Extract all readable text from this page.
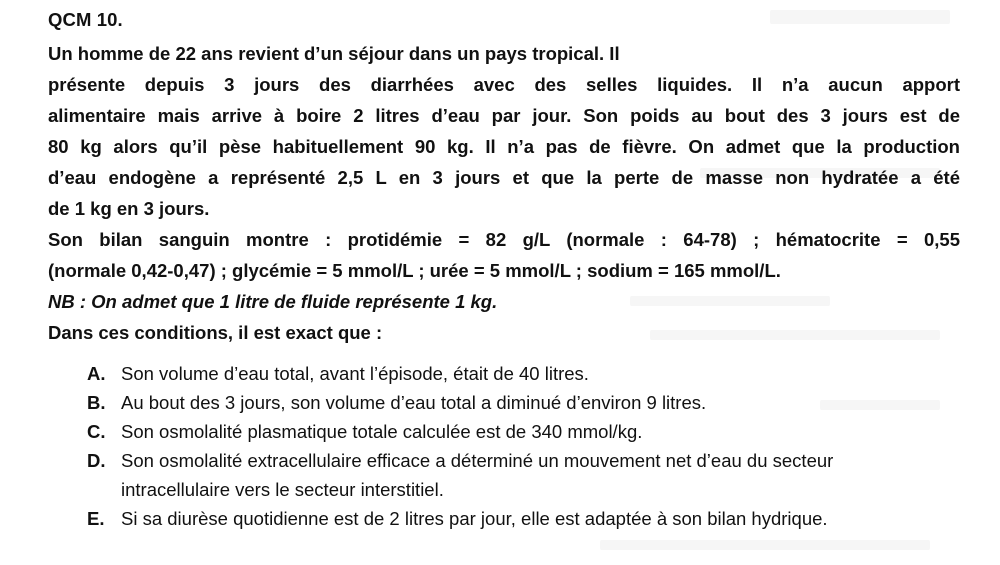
QCM 10.
Un homme de 22 ans revient d’un séjour dans un pays tropical. Il
présente depuis 3 jours des diarrhées avec des selles liquides. Il n’a aucun apport
alimentaire mais arrive à boire 2 litres d’eau par jour. Son poids au bout des 3 jours est de
80 kg alors qu’il pèse habituellement 90 kg. Il n’a pas de fièvre. On admet que la production
d’eau endogène a représenté 2,5 L en 3 jours et que la perte de masse non hydratée a été
de 1 kg en 3 jours.
Son bilan sanguin montre : protidémie = 82 g/L (normale : 64-78) ; hématocrite = 0,55
(normale 0,42-0,47) ; glycémie = 5 mmol/L ; urée = 5 mmol/L ; sodium = 165 mmol/L.
NB : On admet que 1 litre de fluide représente 1 kg.
Dans ces conditions, il est exact que :
A. Son volume d’eau total, avant l’épisode, était de 40 litres.
B. Au bout des 3 jours, son volume d’eau total a diminué d’environ 9 litres.
C. Son osmolalité plasmatique totale calculée est de 340 mmol/kg.
D. Son osmolalité extracellulaire efficace a déterminé un mouvement net d’eau du secteur intracellulaire vers le secteur interstitiel.
E. Si sa diurèse quotidienne est de 2 litres par jour, elle est adaptée à son bilan hydrique.
